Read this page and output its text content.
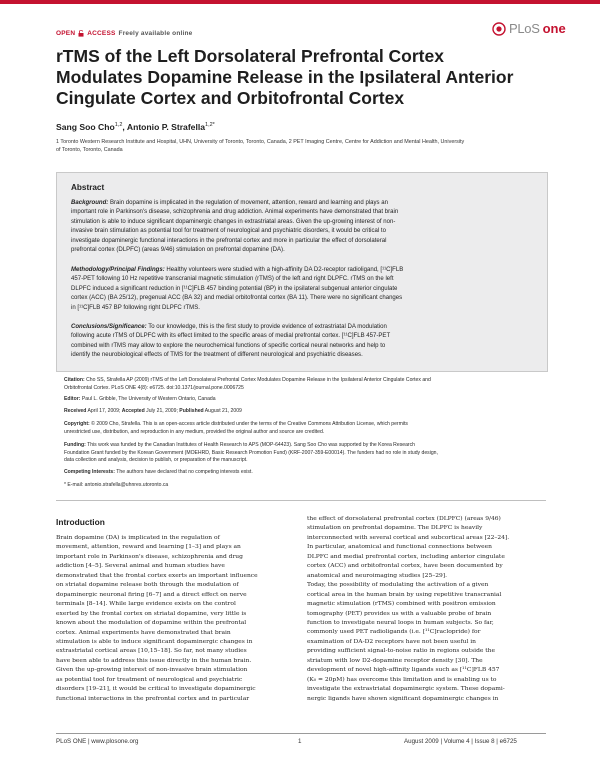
OPEN ACCESS Freely available online	PLoS one
rTMS of the Left Dorsolateral Prefrontal Cortex
Modulates Dopamine Release in the Ipsilateral Anterior
Cingulate Cortex and Orbitofrontal Cortex
Sang Soo Cho$^{1,2}$, Antonio P. Strafella$^{1,2*}$
1 Toronto Western Research Institute and Hospital, UHN, University of Toronto, Toronto, Canada, 2 PET Imaging Centre, Centre for Addiction and Mental Health, University
of Toronto, Toronto, Canada
Abstract
Background: Brain dopamine is implicated in the regulation of movement, attention, reward and learning and plays an
important role in Parkinson's disease, schizophrenia and drug addiction. Animal experiments have demonstrated that brain
stimulation is able to induce significant dopaminergic changes in extrastriatal areas. Given the up-growing interest of non-
invasive brain stimulation as potential tool for treatment of neurological and psychiatric disorders, it would be critical to
investigate dopaminergic functional interactions in the prefrontal cortex and more in particular the effect of dorsolateral
prefrontal cortex (DLPFC) (areas 9/46) stimulation on prefrontal dopamine (DA).
Methodology/Principal Findings: Healthy volunteers were studied with a high-affinity DA D2-receptor radioligand, [¹¹C]FLB
457-PET following 10 Hz repetitive transcranial magnetic stimulation (rTMS) of the left and right DLPFC. rTMS on the left
DLPFC induced a significant reduction in [¹¹C]FLB 457 binding potential (BP) in the ipsilateral subgenual anterior cingulate
cortex (ACC) (BA 25/12), pregenual ACC (BA 32) and medial orbitofrontal cortex (BA 11). There were no significant changes
in [¹¹C]FLB 457 BP following right DLPFC rTMS.
Conclusions/Significance: To our knowledge, this is the first study to provide evidence of extrastriatal DA modulation
following acute rTMS of DLPFC with its effect limited to the specific areas of medial prefrontal cortex. [¹¹C]FLB 457-PET
combined with rTMS may allow to explore the neurochemical functions of specific cortical neural networks and help to
identify the neurobiological effects of TMS for the treatment of different neurological and psychiatric diseases.
Citation: Cho SS, Strafella AP (2009) rTMS of the Left Dorsolateral Prefrontal Cortex Modulates Dopamine Release in the Ipsilateral Anterior Cingulate Cortex and
Orbitofrontal Cortex. PLoS ONE 4(8): e6725. doi:10.1371/journal.pone.0006725
Editor: Paul L. Gribble, The University of Western Ontario, Canada
Received April 17, 2009; Accepted July 21, 2009; Published August 21, 2009
Copyright: © 2009 Cho, Strafella. This is an open-access article distributed under the terms of the Creative Commons Attribution License, which permits
unrestricted use, distribution, and reproduction in any medium, provided the original author and source are credited.
Funding: This work was funded by the Canadian Institutes of Health Research to APS (MOP-64423). Sang Soo Cho was supported by the Korea Research
Foundation Grant funded by the Korean Government (MOEHRD, Basic Research Promotion Fund) (KRF-2007-359-E00014). The funders had no role in study design,
data collection and analysis, decision to publish, or preparation of the manuscript.
Competing Interests: The authors have declared that no competing interests exist.
* E-mail: antonio.strafella@uhnres.utoronto.ca
Introduction
Brain dopamine (DA) is implicated in the regulation of
movement, attention, reward and learning [1–3] and plays an
important role in Parkinson's disease, schizophrenia and drug
addiction [4–5]. Several animal and human studies have
demonstrated that the frontal cortex exerts an important influence
on striatal dopamine release both through the modulation of
dopaminergic neuronal firing [6–7] and a direct effect on nerve
terminals [8–14]. While large evidence exists on the control
exerted by the frontal cortex on striatal dopamine, very little is
known about the modulation of dopamine within the prefrontal
cortex. Animal experiments have demonstrated that brain
stimulation is able to induce significant dopaminergic changes in
extrastriatal cortical areas [10,15–18]. So far, not many studies
have been able to address this issue directly in the human brain.
Given the up-growing interest of non-invasive brain stimulation
as potential tool for treatment of neurological and psychiatric
disorders [19–21], it would be critical to investigate dopaminergic
functional interactions in the prefrontal cortex and in particular
the effect of dorsolateral prefrontal cortex (DLPFC) (areas 9/46)
stimulation on prefrontal dopamine. The DLPFC is heavily
interconnected with several cortical and subcortical areas [22–24].
In particular, anatomical and functional connections between
DLPFC and medial prefrontal cortex, including anterior cingulate
cortex (ACC) and orbitofrontal cortex, have been documented by
anatomical and neuroimaging studies [25–29].
Today, the possibility of modulating the activation of a given
cortical area in the human brain by using repetitive transcranial
magnetic stimulation (rTMS) combined with positron emission
tomography (PET) provides us with a valuable probe of brain
function to investigate neural loops in human subjects. So far,
commonly used PET radioligands (i.e. [¹¹C]raclopride) for
examination of DA-D2 receptors have not been useful in
providing sufficient signal-to-noise ratio in regions outside the
striatum with low D2-dopamine receptor density [30]. The
development of novel high-affinity ligands such as [¹¹C]FLB 457
(K₀ = 20pM) has overcome this limitation and is enabling us to
investigate the extrastriatal dopaminergic system. These dopami-
nergic ligands have shown significant dopaminergic changes in
PLoS ONE | www.plosone.org	1	August 2009 | Volume 4 | Issue 8 | e6725
